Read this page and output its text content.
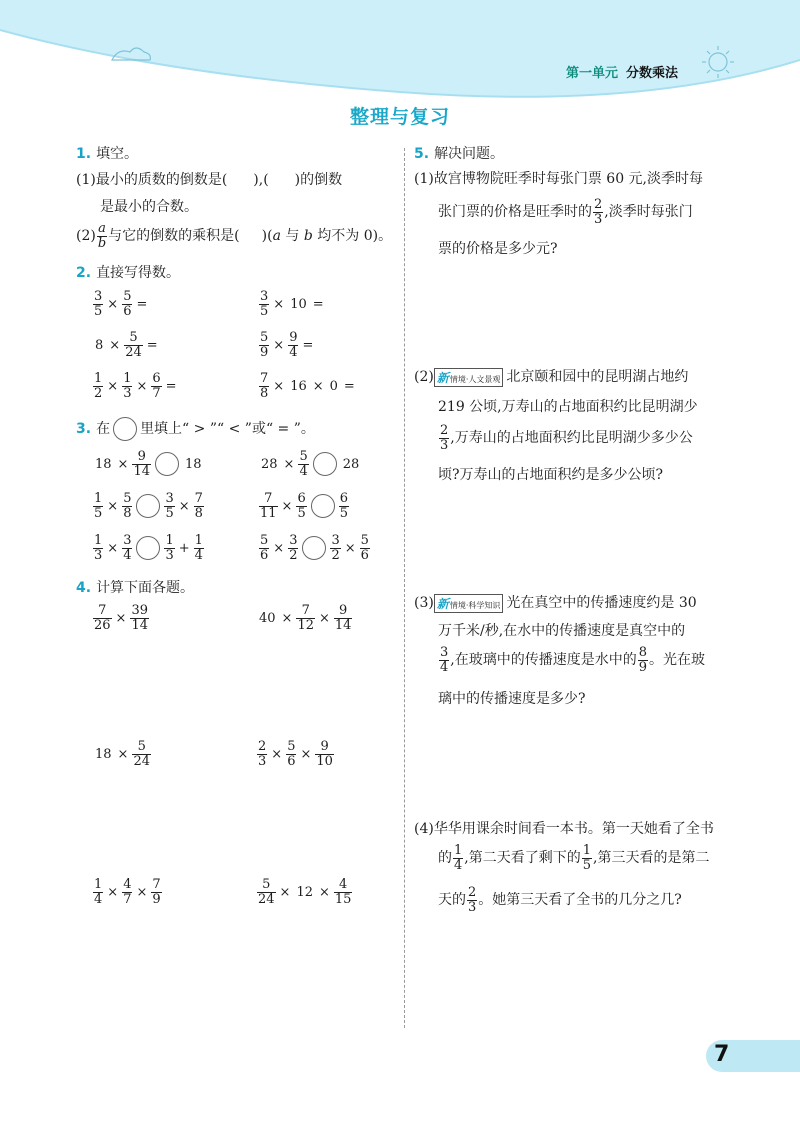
第一单元 分数乘法
整理与复习
1. 填空。
(1)最小的质数的倒数是( ),( )的倒数
是最小的合数。
$(2) \frac{a}{b}$ 与它的倒数的乘积是( )(a 与 b 均不为 0)。
2. 直接写得数。
$\frac{3}{5} \times \frac{5}{6}$ =	$\frac{3}{5} \times 10$ =
$8 \times \frac{5}{24}$ =	$\frac{5}{9} \times \frac{9}{4}$ =
$\frac{1}{2} \times \frac{1}{3} \times \frac{6}{7}$ =	$\frac{7}{8} \times 16 \times 0$ =
3. 在 里填上“ > ”“ < ”或“ = ”。
$18 \times \frac{9}{14}$	18	$28 \times \frac{5}{4}$	28
$\frac{1}{5} \times \frac{5}{8} \frac{3}{5} \times \frac{7}{8}$	$\frac{7}{11} \times \frac{6}{5} \frac{6}{5}$
$\frac{1}{3} \times \frac{3}{4} \frac{1}{3} + \frac{1}{4}$	$\frac{5}{6} \times \frac{3}{2} \frac{3}{2} \times \frac{5}{6}$
4. 计算下面各题。
$\frac{7}{26} \times \frac{39}{14}$	$40 \times \frac{7}{12} \times \frac{9}{14}$
$18 \times \frac{5}{24}$	$\frac{2}{3} \times \frac{5}{6} \times \frac{9}{10}$
$\frac{1}{4} \times \frac{4}{7} \times \frac{7}{9}$	$\frac{5}{24} \times 12 \times \frac{4}{15}$
5. 解决问题。
(1)故宫博物院旺季时每张门票 60 元,淡季时每
张门票的价格是旺季时的 $\frac{2}{3}$ ,淡季时每张门
票的价格是多少元?
(2) 新情境·人文景观 北京颐和园中的昆明湖占地约
219 公顷,万寿山的占地面积约比昆明湖少
$\frac{2}{3}$ ,万寿山的占地面积约比昆明湖少多少公
顷?万寿山的占地面积约是多少公顷?
(3) 新情境·科学知识 光在真空中的传播速度约是 30
万千米/秒,在水中的传播速度是真空中的
$\frac{3}{4}$ ,在玻璃中的传播速度是水中的 $\frac{8}{9}$ 。光在玻
璃中的传播速度是多少?
(4)华华用课余时间看一本书。第一天她看了全书
的 $\frac{1}{4}$ ,第二天看了剩下的 $\frac{1}{5}$ ,第三天看的是第二
天的 $\frac{2}{3}$ 。她第三天看了全书的几分之几?
7
